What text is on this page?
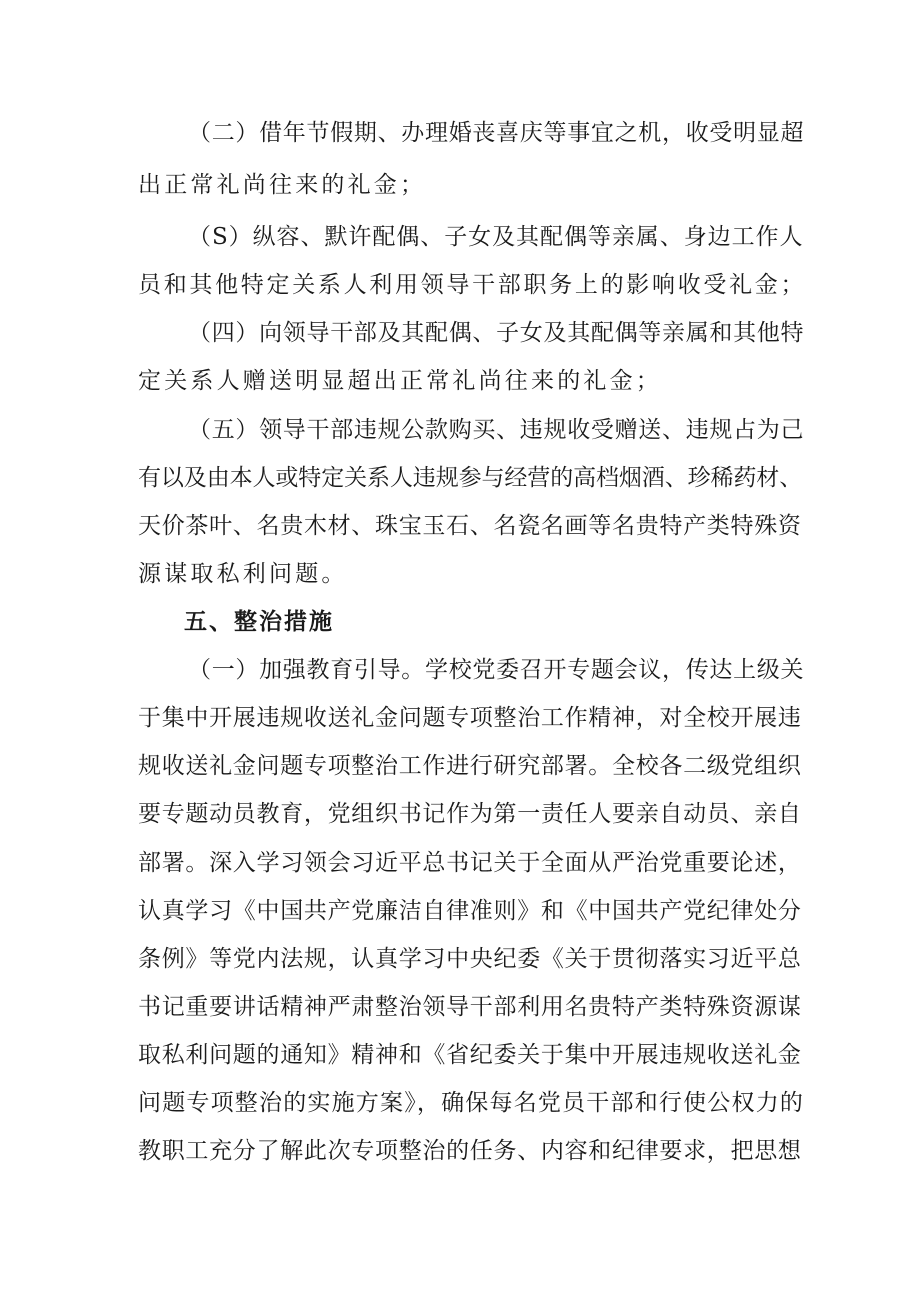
（二）借年节假期、办理婚丧喜庆等事宜之机，收受明显超
出正常礼尚往来的礼金；
（S）纵容、默许配偶、子女及其配偶等亲属、身边工作人
员和其他特定关系人利用领导干部职务上的影响收受礼金；
（四）向领导干部及其配偶、子女及其配偶等亲属和其他特
定关系人赠送明显超出正常礼尚往来的礼金；
（五）领导干部违规公款购买、违规收受赠送、违规占为己
有以及由本人或特定关系人违规参与经营的高档烟酒、珍稀药材、
天价茶叶、名贵木材、珠宝玉石、名瓷名画等名贵特产类特殊资
源谋取私利问题。
五、整治措施
（一）加强教育引导。学校党委召开专题会议，传达上级关
于集中开展违规收送礼金问题专项整治工作精神，对全校开展违
规收送礼金问题专项整治工作进行研究部署。全校各二级党组织
要专题动员教育，党组织书记作为第一责任人要亲自动员、亲自
部署。深入学习领会习近平总书记关于全面从严治党重要论述，
认真学习《中国共产党廉洁自律准则》和《中国共产党纪律处分
条例》等党内法规，认真学习中央纪委《关于贯彻落实习近平总
书记重要讲话精神严肃整治领导干部利用名贵特产类特殊资源谋
取私利问题的通知》精神和《省纪委关于集中开展违规收送礼金
问题专项整治的实施方案》，确保每名党员干部和行使公权力的
教职工充分了解此次专项整治的任务、内容和纪律要求，把思想
